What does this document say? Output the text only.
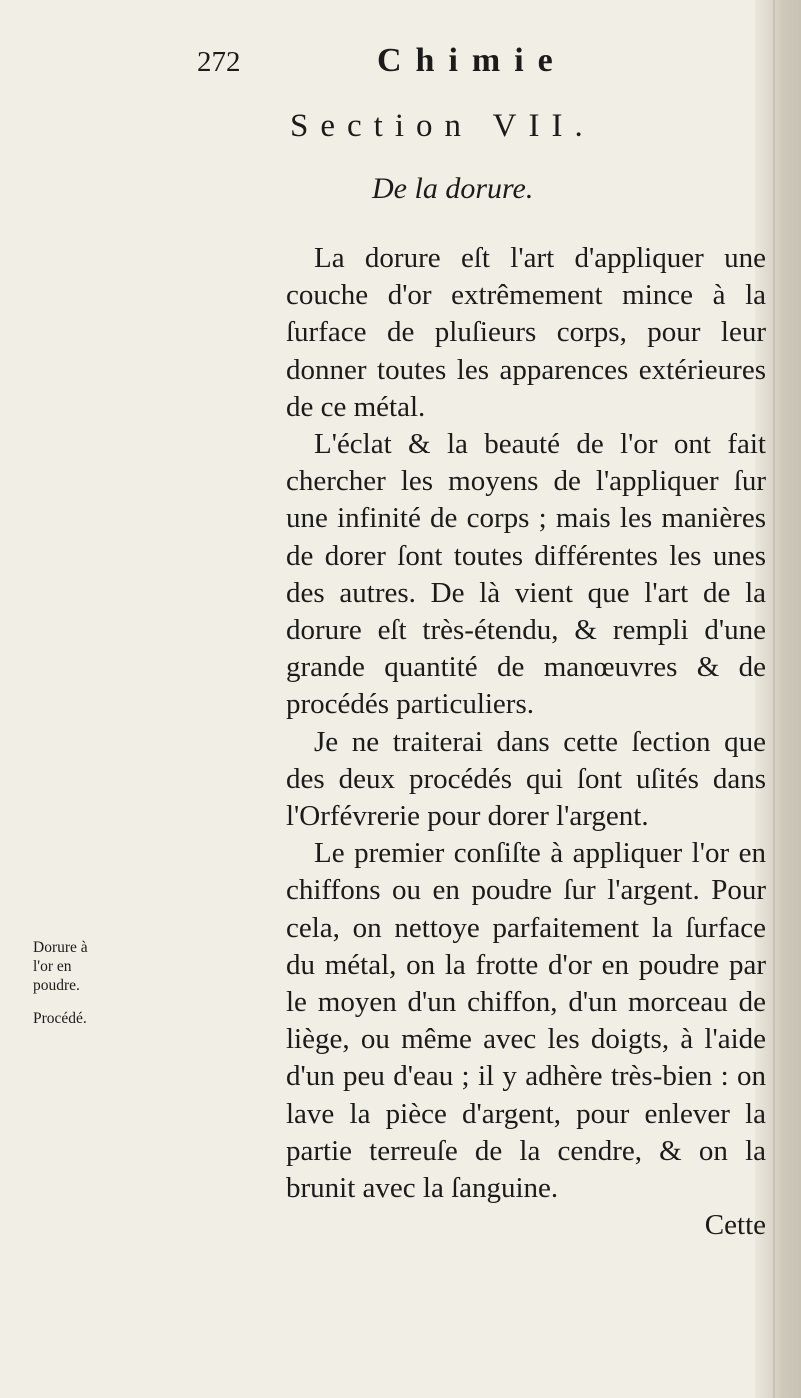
272	Chimie
Section VII.
De la dorure.
Dorure à l'or en poudre.
Procédé.

La dorure eſt l'art d'appliquer une couche d'or extrêmement mince à la ſurface de pluſieurs corps, pour leur donner toutes les apparences extérieures de ce métal.

L'éclat & la beauté de l'or ont fait chercher les moyens de l'appliquer ſur une infinité de corps ; mais les manières de dorer ſont toutes différentes les unes des autres. De là vient que l'art de la dorure eſt très-étendu, & rempli d'une grande quantité de manœuvres & de procédés particuliers.

Je ne traiterai dans cette ſection que des deux procédés qui ſont uſités dans l'Orfévrerie pour dorer l'argent.

Le premier conſiſte à appliquer l'or en chiffons ou en poudre ſur l'argent. Pour cela, on nettoye parfaitement la ſurface du métal, on la frotte d'or en poudre par le moyen d'un chiffon, d'un morceau de liège, ou même avec les doigts, à l'aide d'un peu d'eau ; il y adhère très-bien : on lave la pièce d'argent, pour enlever la partie terreuſe de la cendre, & on la brunit avec la ſanguine.

Cette
